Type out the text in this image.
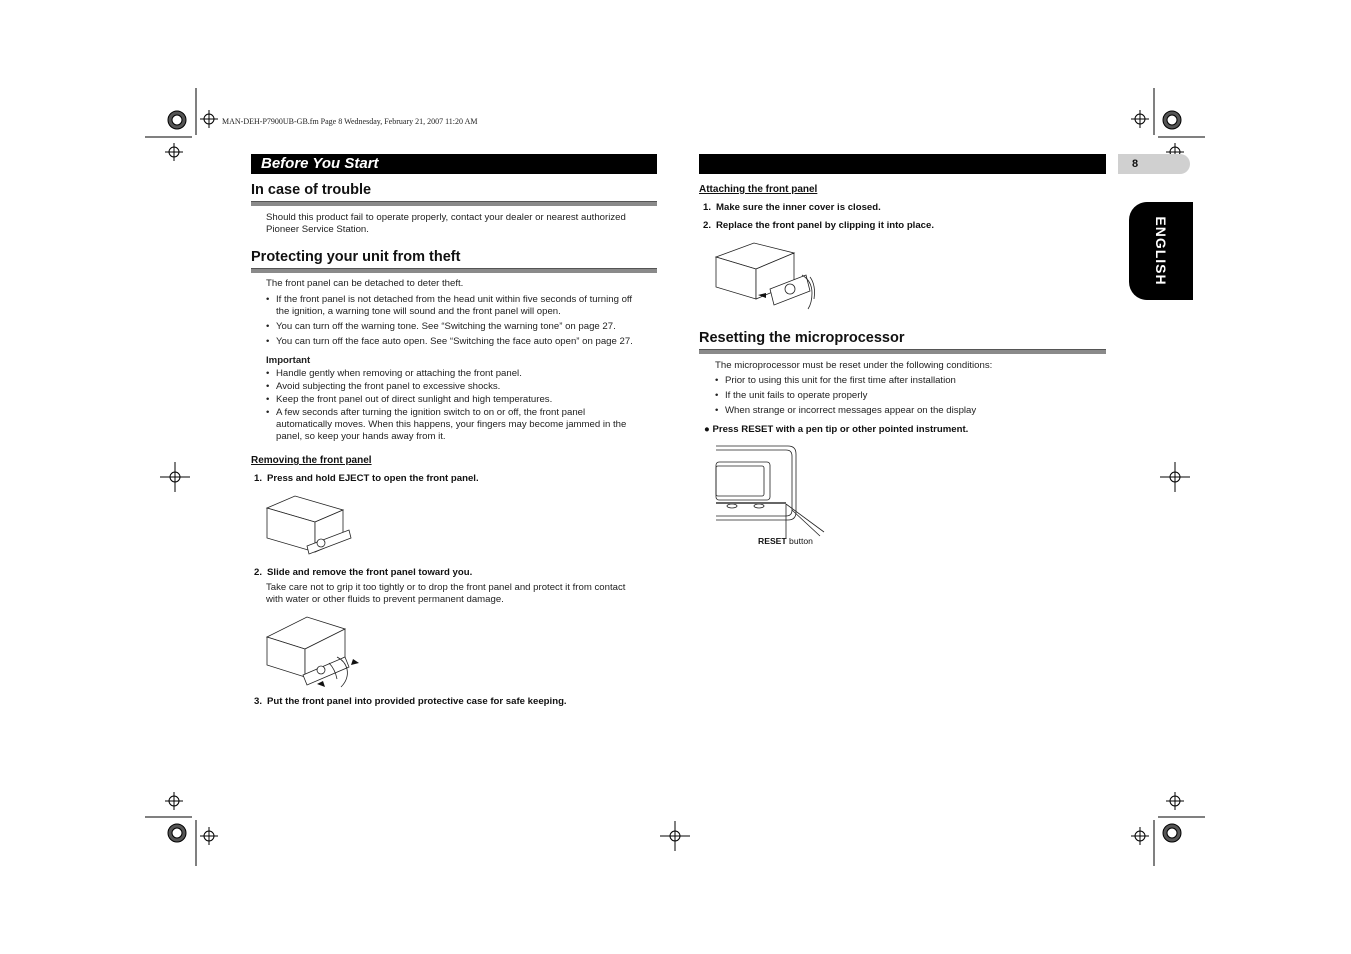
MAN-DEH-P7900UB-GB.fm Page 8 Wednesday, February 21, 2007 11:20 AM
Before You Start	8
ENGLISH
In case of trouble

Should this product fail to operate properly, contact your dealer or nearest authorized

Pioneer Service Station.

Protecting your unit from theft

The front panel can be detached to deter theft.

• If the front panel is not detached from the head unit within five seconds of turning off
the ignition, a warning tone will sound and the front panel will open.
• You can turn off the warning tone. See “Switching the warning tone” on page 27.
• You can turn off the face auto open. See “Switching the face auto open” on page 27.

Important

• Handle gently when removing or attaching the front panel.
• Avoid subjecting the front panel to excessive shocks.
• Keep the front panel out of direct sunlight and high temperatures.
• A few seconds after turning the ignition switch to on or off, the front panel
automatically moves. When this happens, your fingers may become jammed in the
panel, so keep your hands away from it.
Removing the front panel
1. Press and hold EJECT to open the front panel.
2. Slide and remove the front panel toward you.

Take care not to grip it too tightly or to drop the front panel and protect it from contact

with water or other fluids to prevent permanent damage.

3. Put the front panel into provided protective case for safe keeping.
Attaching the front panel
1. Make sure the inner cover is closed.
2. Replace the front panel by clipping it into place.
Resetting the microprocessor

The microprocessor must be reset under the following conditions:

• Prior to using this unit for the first time after installation
• If the unit fails to operate properly
• When strange or incorrect messages appear on the display
● Press RESET with a pen tip or other pointed instrument.
RESET button
